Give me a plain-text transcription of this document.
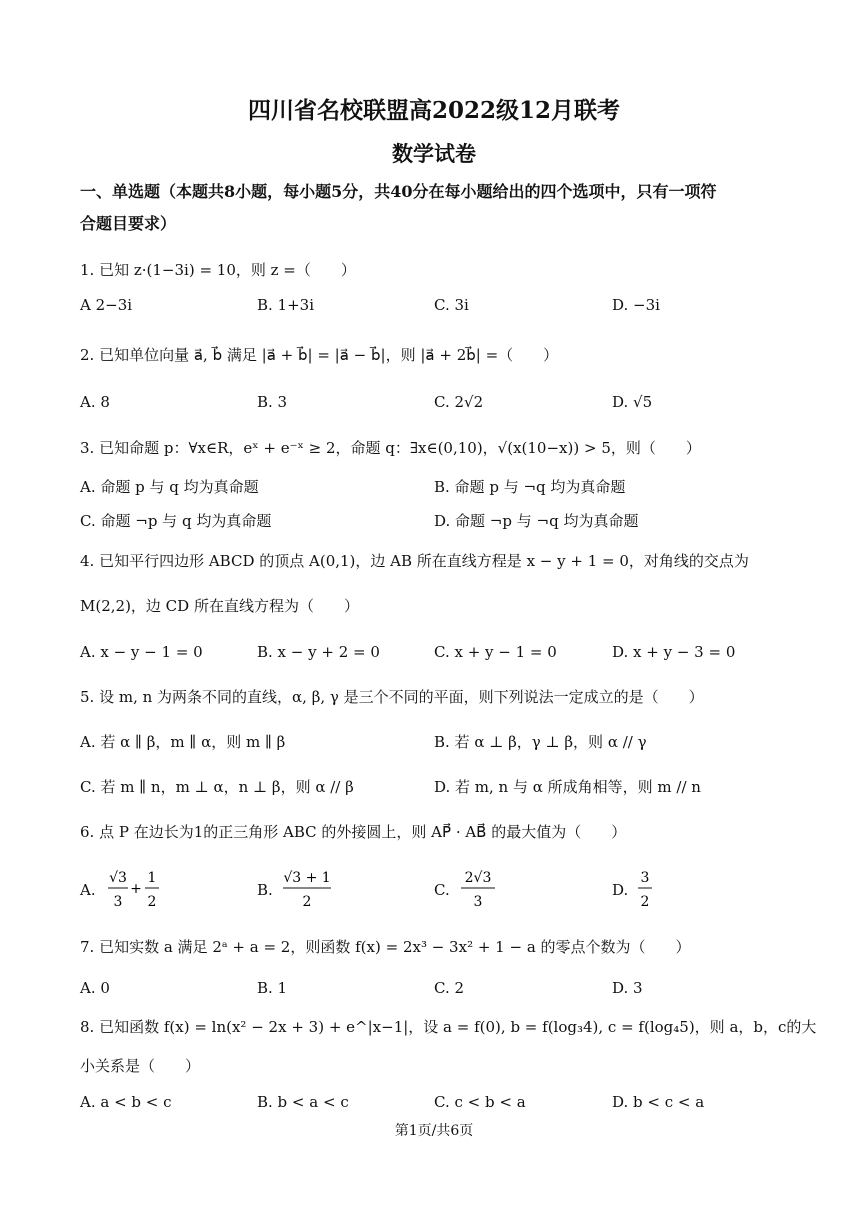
四川省名校联盟高2022级12月联考
数学试卷
一、单选题（本题共8小题，每小题5分，共40分在每小题给出的四个选项中，只有一项符
合题目要求）
1. 已知 z·(1−3i) = 10，则 z =（　　）
A 2−3i	B. 1+3i	C. 3i	D. −3i
2. 已知单位向量 a⃗, b⃗ 满足 |a⃗ + b⃗| = |a⃗ − b⃗|，则 |a⃗ + 2b⃗| =（　　）
A. 8	B. 3	C. 2√2	D. √5
3. 已知命题 p：∀x∈R，eˣ + e⁻ˣ ≥ 2，命题 q：∃x∈(0,10)，√(x(10−x)) > 5，则（　　）
A. 命题 p 与 q 均为真命题	B. 命题 p 与 ¬q 均为真命题
C. 命题 ¬p 与 q 均为真命题	D. 命题 ¬p 与 ¬q 均为真命题
4. 已知平行四边形 ABCD 的顶点 A(0,1)，边 AB 所在直线方程是 x − y + 1 = 0，对角线的交点为
M(2,2)，边 CD 所在直线方程为（　　）
A. x − y − 1 = 0	B. x − y + 2 = 0	C. x + y − 1 = 0	D. x + y − 3 = 0
5. 设 m, n 为两条不同的直线，α, β, γ 是三个不同的平面，则下列说法一定成立的是（　　）
A. 若 α ∥ β，m ∥ α，则 m ∥ β	B. 若 α ⊥ β，γ ⊥ β，则 α // γ
C. 若 m ∥ n，m ⊥ α，n ⊥ β，则 α // β	D. 若 m, n 与 α 所成角相等，则 m // n
6. 点 P 在边长为1的正三角形 ABC 的外接圆上，则 AP⃗ · AB⃗ 的最大值为（　　）
A.
√3
3
+
1
2
B.
√3 + 1
2
C.
2√3
3
D.
3
2
7. 已知实数 a 满足 2ᵃ + a = 2，则函数 f(x) = 2x³ − 3x² + 1 − a 的零点个数为（　　）
A. 0	B. 1	C. 2	D. 3
8. 已知函数 f(x) = ln(x² − 2x + 3) + e^|x−1|，设 a = f(0), b = f(log₃4), c = f(log₄5)，则 a，b，c的大
小关系是（　　）
A. a < b < c	B. b < a < c	C. c < b < a	D. b < c < a
第1页/共6页
